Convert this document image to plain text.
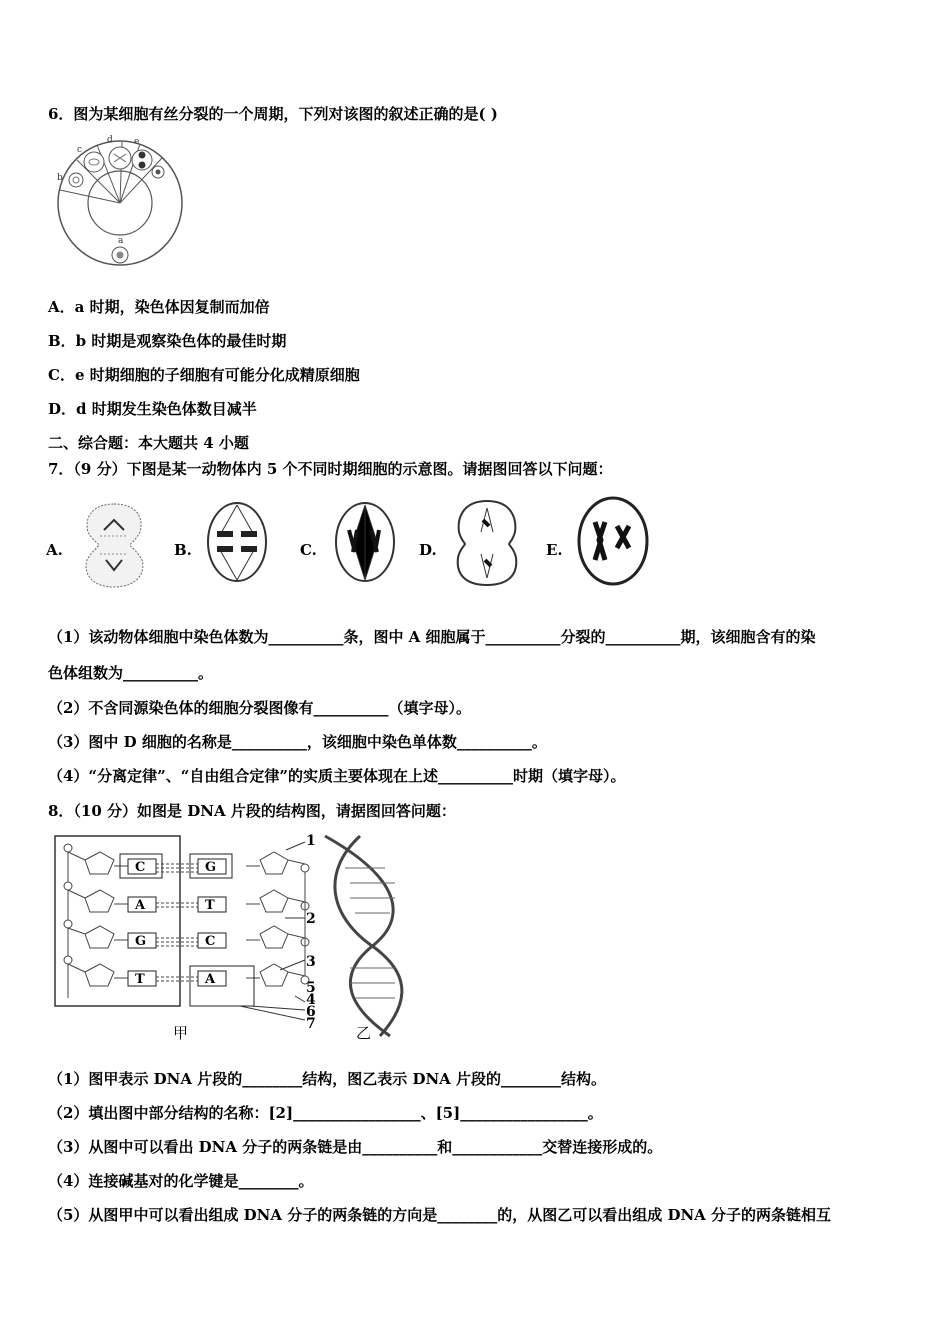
6．图为某细胞有丝分裂的一个周期，下列对该图的叙述正确的是( )
a
b
c
d e
A．a 时期，染色体因复制而加倍
B．b 时期是观察染色体的最佳时期
C．e 时期细胞的子细胞有可能分化成精原细胞
D．d 时期发生染色体数目减半
二、综合题：本大题共 4 小题
7．（9 分）下图是某一动物体内 5 个不同时期细胞的示意图。请据图回答以下问题：
A.	B.	C.	D.	E.
（1）该动物体细胞中染色体数为__________条，图中 A 细胞属于__________分裂的__________期，该细胞含有的染
色体组数为__________。
（2）不含同源染色体的细胞分裂图像有__________（填字母）。
（3）图中 D 细胞的名称是__________，该细胞中染色单体数__________。
（4）“分离定律”、“自由组合定律”的实质主要体现在上述__________时期（填字母）。
8．（10 分）如图是 DNA 片段的结构图，请据图回答问题：
C
A
G
T
G
T
C
A
1
2
3
5
4
6
7
甲	乙
（1）图甲表示 DNA 片段的________结构，图乙表示 DNA 片段的________结构。
（2）填出图中部分结构的名称：[2]_________________、[5]_________________。
（3）从图中可以看出 DNA 分子的两条链是由__________和____________交替连接形成的。
（4）连接碱基对的化学键是________。
（5）从图甲中可以看出组成 DNA 分子的两条链的方向是________的，从图乙可以看出组成 DNA 分子的两条链相互
